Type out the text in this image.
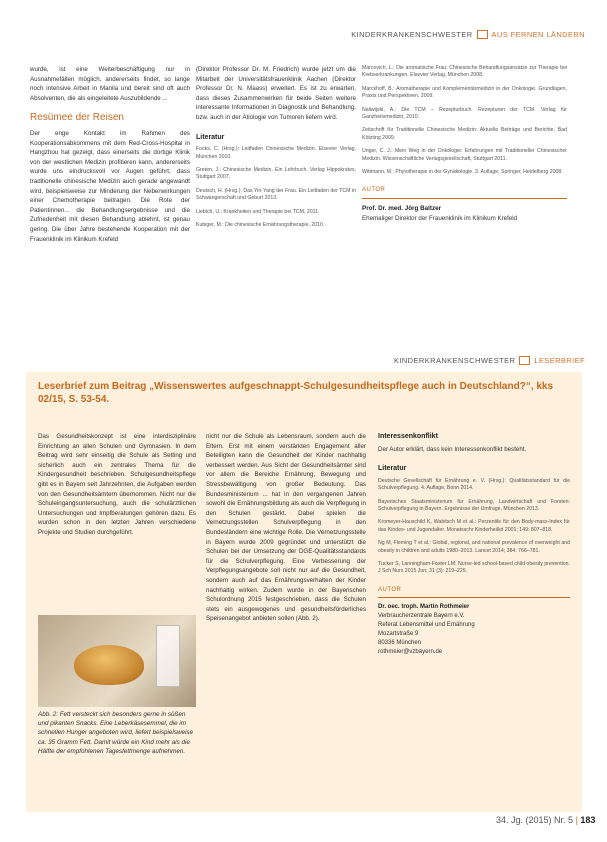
KINDERKRANKENSCHWESTER	AUS FERNEN LÄNDERN
wurde, ist eine Weiterbeschäftigung nur in Ausnahmefällen möglich, andererseits findet, so lange noch intensive Arbeit in Manila und bereit sind oft auch Absolventen, die als eingeleitete Auszubildende ...
Resümee der Reisen
Der enge Kontakt im Rahmen des Kooperationsabkommens mit dem Red-Cross-Hospital in Hangzhou hat gezeigt, dass einerseits die dortige Klinik von der westlichen Medizin profitieren kann, andererseits wurde uns eindrucksvoll vor Augen geführt, dass traditionelle chinesische Medizin auch gerade angewandt wird, beispielsweise zur Minderung der Nebenwirkungen einer Chemotherapie beitragen. Die Rote der Patientinnen... die Behandlungsergebnisse und die Zufriedenheit mit diesen Behandlung ablehnt, ist genau gering. Die über Jahre bestehende Kooperation mit der Frauenklinik im Klinikum Krefeld
(Direktor Professor Dr. M. Friedrich) wurde jetzt um die Mitarbeit der Universitätsfrauenklinik Aachen (Direktor Professor Dr. N. Maass) erweitert. Es ist zu erwarten, dass dieses Zusammenwirken für beide Seiten weitere interessante Informationen in Diagnostik und Behandlung, bzw. auch in der Ätiologie von Tumoren liefern wird.
Literatur

Focks, C. (Hrsg.): Leitfaden Chinesische Medizin. Elsevier Verlag, München 2010.

Greten, J.: Chinesische Medizin. Ein Lehrbuch. Verlag Hippokrates, Stuttgart 2007.

Deutsch, H. (Hrsg.): Das Yin-Yang der Frau. Ein Leitfaden der TCM in Schwangerschaft und Geburt 2013.

Liebich, U.: Krankheiten und Therapie bei TCM, 2011.

Kubiger, M.: Die chinesische Ernährungstherapie, 2010.

Marcovich, L.: Die aromatische Frau: Chinesische Behandlungsansätze zur Therapie bei Krebserkrankungen. Elsevier Verlag, München 2008.

Marckhoff, B.: Aromatherapie und Komplementärmedizin in der Onkologie. Grundlagen, Praxis und Perspektiven, 2009.

Naliwijski, A.: Die TCM – Rezepturbuch. Rezepturen der TCM. Verlag für Ganzheitsmedizin, 2010.

Zeitschrift für Traditionelle Chinesische Medizin: Aktuelle Beiträge und Berichte, Bad Kötzting 2009.

Unger, C. J.: Mein Weg in der Onkologie: Erfahrungen mit Traditioneller Chinesischer Medizin. Wissenschaftliche Verlagsgesellschaft, Stuttgart 2011.

Wittmann, M.: Phytotherapie in der Gynäkologie. 3. Auflage, Springer, Heidelberg 2008.

AUTOR
Prof. Dr. med. Jörg Baltzer
Ehemaliger Direktor der Frauenklinik im Klinikum Krefeld
KINDERKRANKENSCHWESTER	LESERBRIEF
Leserbrief zum Beitrag „Wissenswertes aufgeschnappt-Schulgesundheitspflege auch in Deutschland?“, kks 02/15, S. 53-54.
Das Gesundheitskonzept ist eine interdisziplinäre Einrichtung an allen Schulen und Gymnasien. In dem Beitrag wird sehr einseitig die Schule als Setting und sicherlich auch ein zentrales Thema für die Kindergesundheit beschrieben. Schulgesundheitspflege gibt es in Bayern seit Jahrzehnten, die Aufgaben werden von den Gesundheitsämtern übernommen. Nicht nur die Schuleingangsuntersuchung, auch die schulärztlichen Untersuchungen und Impfberatungen gehören dazu. Es wurden schon in den letzten Jahren verschiedene Projekte und Studien durchgeführt.
Abb. 2: Fett versteckt sich besonders gerne in süßen und pikanten Snacks. Eine Leberkäsesemmel, die im schnellen Hunger angeboten wird, liefert beispielsweise ca. 35 Gramm Fett. Damit würde ein Kind mehr als die Hälfte der empfohlenen Tagesfettmenge aufnehmen.
nicht nur die Schule als Lebensraum, sondern auch die Eltern. Erst mit einem verstärkten Engagement aller Beteiligten kann die Gesundheit der Kinder nachhaltig verbessert werden. Aus Sicht der Gesundheitsämter sind vor allem die Bereiche Ernährung, Bewegung und Stressbewältigung von großer Bedeutung. Das Bundesministerium ... hat in den vergangenen Jahren sowohl die Ernährungsbildung als auch die Verpflegung in den Schulen gestärkt. Dabei spielen die Vernetzungsstellen Schulverpflegung in den Bundesländern eine wichtige Rolle. Die Vernetzungsstelle in Bayern wurde 2009 gegründet und unterstützt die Schulen bei der Umsetzung der DGE-Qualitätsstandards für die Schulverpflegung. Eine Verbesserung der Verpflegungsangebote soll nicht nur auf die Gesundheit, sondern auch auf das Ernährungsverhalten der Kinder nachhaltig wirken. Zudem wurde in der Bayerischen Schulordnung 2015 festgeschrieben, dass die Schulen stets ein ausgewogenes und gesundheitsförderliches Speisenangebot anbieten sollen (Abb. 2).
Interessenkonflikt
Der Autor erklärt, dass kein Interessenkonflikt besteht.
Literatur

Deutsche Gesellschaft für Ernährung e. V. (Hrsg.): Qualitätsstandard für die Schulverpflegung. 4. Auflage, Bonn 2014.

Bayerisches Staatsministerium für Ernährung, Landwirtschaft und Forsten: Schulverpflegung in Bayern. Ergebnisse der Umfrage, München 2013.

Kromeyer-Hauschild K, Wabitsch M et al.: Perzentile für den Body-mass-Index für das Kindes- und Jugendalter. Monatsschr Kinderheilkd 2001; 149: 807–818.

Ng M, Fleming T et al.: Global, regional, and national prevalence of overweight and obesity in children and adults 1980–2013. Lancet 2014; 384: 766–781.

Tucker S, Lanningham-Foster LM: Nurse-led school-based child obesity prevention. J Sch Nurs 2015 Jun; 31 (3): 219–229.

AUTOR
Dr. oec. troph. Martin Rothmeier
Verbraucherzentrale Bayern e.V.
Referat Lebensmittel und Ernährung
Mozartstraße 9
80336 München
rothmeier@vzbayern.de
34. Jg. (2015) Nr. 5 | 183
